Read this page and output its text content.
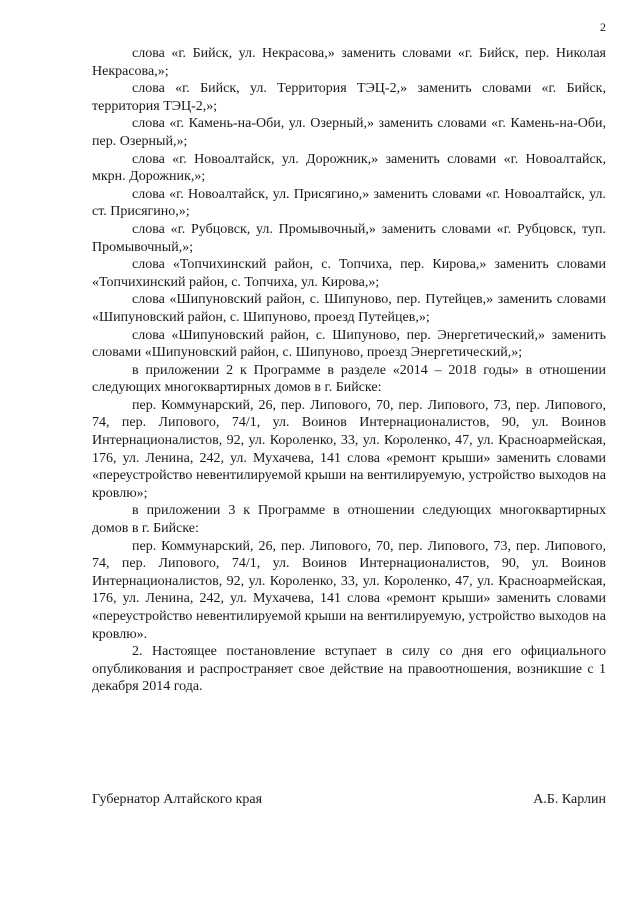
2

слова «г. Бийск, ул. Некрасова,» заменить словами «г. Бийск, пер. Николая Некрасова,»;

слова «г. Бийск, ул. Территория ТЭЦ-2,» заменить словами «г. Бийск, территория ТЭЦ-2,»;

слова «г. Камень-на-Оби, ул. Озерный,» заменить словами «г. Камень-на-Оби, пер. Озерный,»;

слова «г. Новоалтайск, ул. Дорожник,» заменить словами «г. Новоалтайск, мкрн. Дорожник,»;

слова «г. Новоалтайск, ул. Присягино,» заменить словами «г. Новоалтайск, ул. ст. Присягино,»;

слова «г. Рубцовск, ул. Промывочный,» заменить словами «г. Рубцовск, туп. Промывочный,»;

слова «Топчихинский район, с. Топчиха, пер. Кирова,» заменить словами «Топчихинский район, с. Топчиха, ул. Кирова,»;

слова «Шипуновский район, с. Шипуново, пер. Путейцев,» заменить словами «Шипуновский район, с. Шипуново, проезд Путейцев,»;

слова «Шипуновский район, с. Шипуново, пер. Энергетический,» заменить словами «Шипуновский район, с. Шипуново, проезд Энергетический,»;

в приложении 2 к Программе в разделе «2014 – 2018 годы» в отношении следующих многоквартирных домов в г. Бийске:

пер. Коммунарский, 26, пер. Липового, 70, пер. Липового, 73, пер. Липового, 74, пер. Липового, 74/1, ул. Воинов Интернационалистов, 90, ул. Воинов Интернационалистов, 92, ул. Короленко, 33, ул. Короленко, 47, ул. Красноармейская, 176, ул. Ленина, 242, ул. Мухачева, 141 слова «ремонт крыши» заменить словами «переустройство невентилируемой крыши на вентилируемую, устройство выходов на кровлю»;

в приложении 3 к Программе в отношении следующих многоквартирных домов в г. Бийске:

пер. Коммунарский, 26, пер. Липового, 70, пер. Липового, 73, пер. Липового, 74, пер. Липового, 74/1, ул. Воинов Интернационалистов, 90, ул. Воинов Интернационалистов, 92, ул. Короленко, 33, ул. Короленко, 47, ул. Красноармейская, 176, ул. Ленина, 242, ул. Мухачева, 141 слова «ремонт крыши» заменить словами «переустройство невентилируемой крыши на вентилируемую, устройство выходов на кровлю».

2. Настоящее постановление вступает в силу со дня его официального опубликования и распространяет свое действие на правоотношения, возникшие с 1 декабря 2014 года.

Губернатор Алтайского края	А.Б. Карлин
